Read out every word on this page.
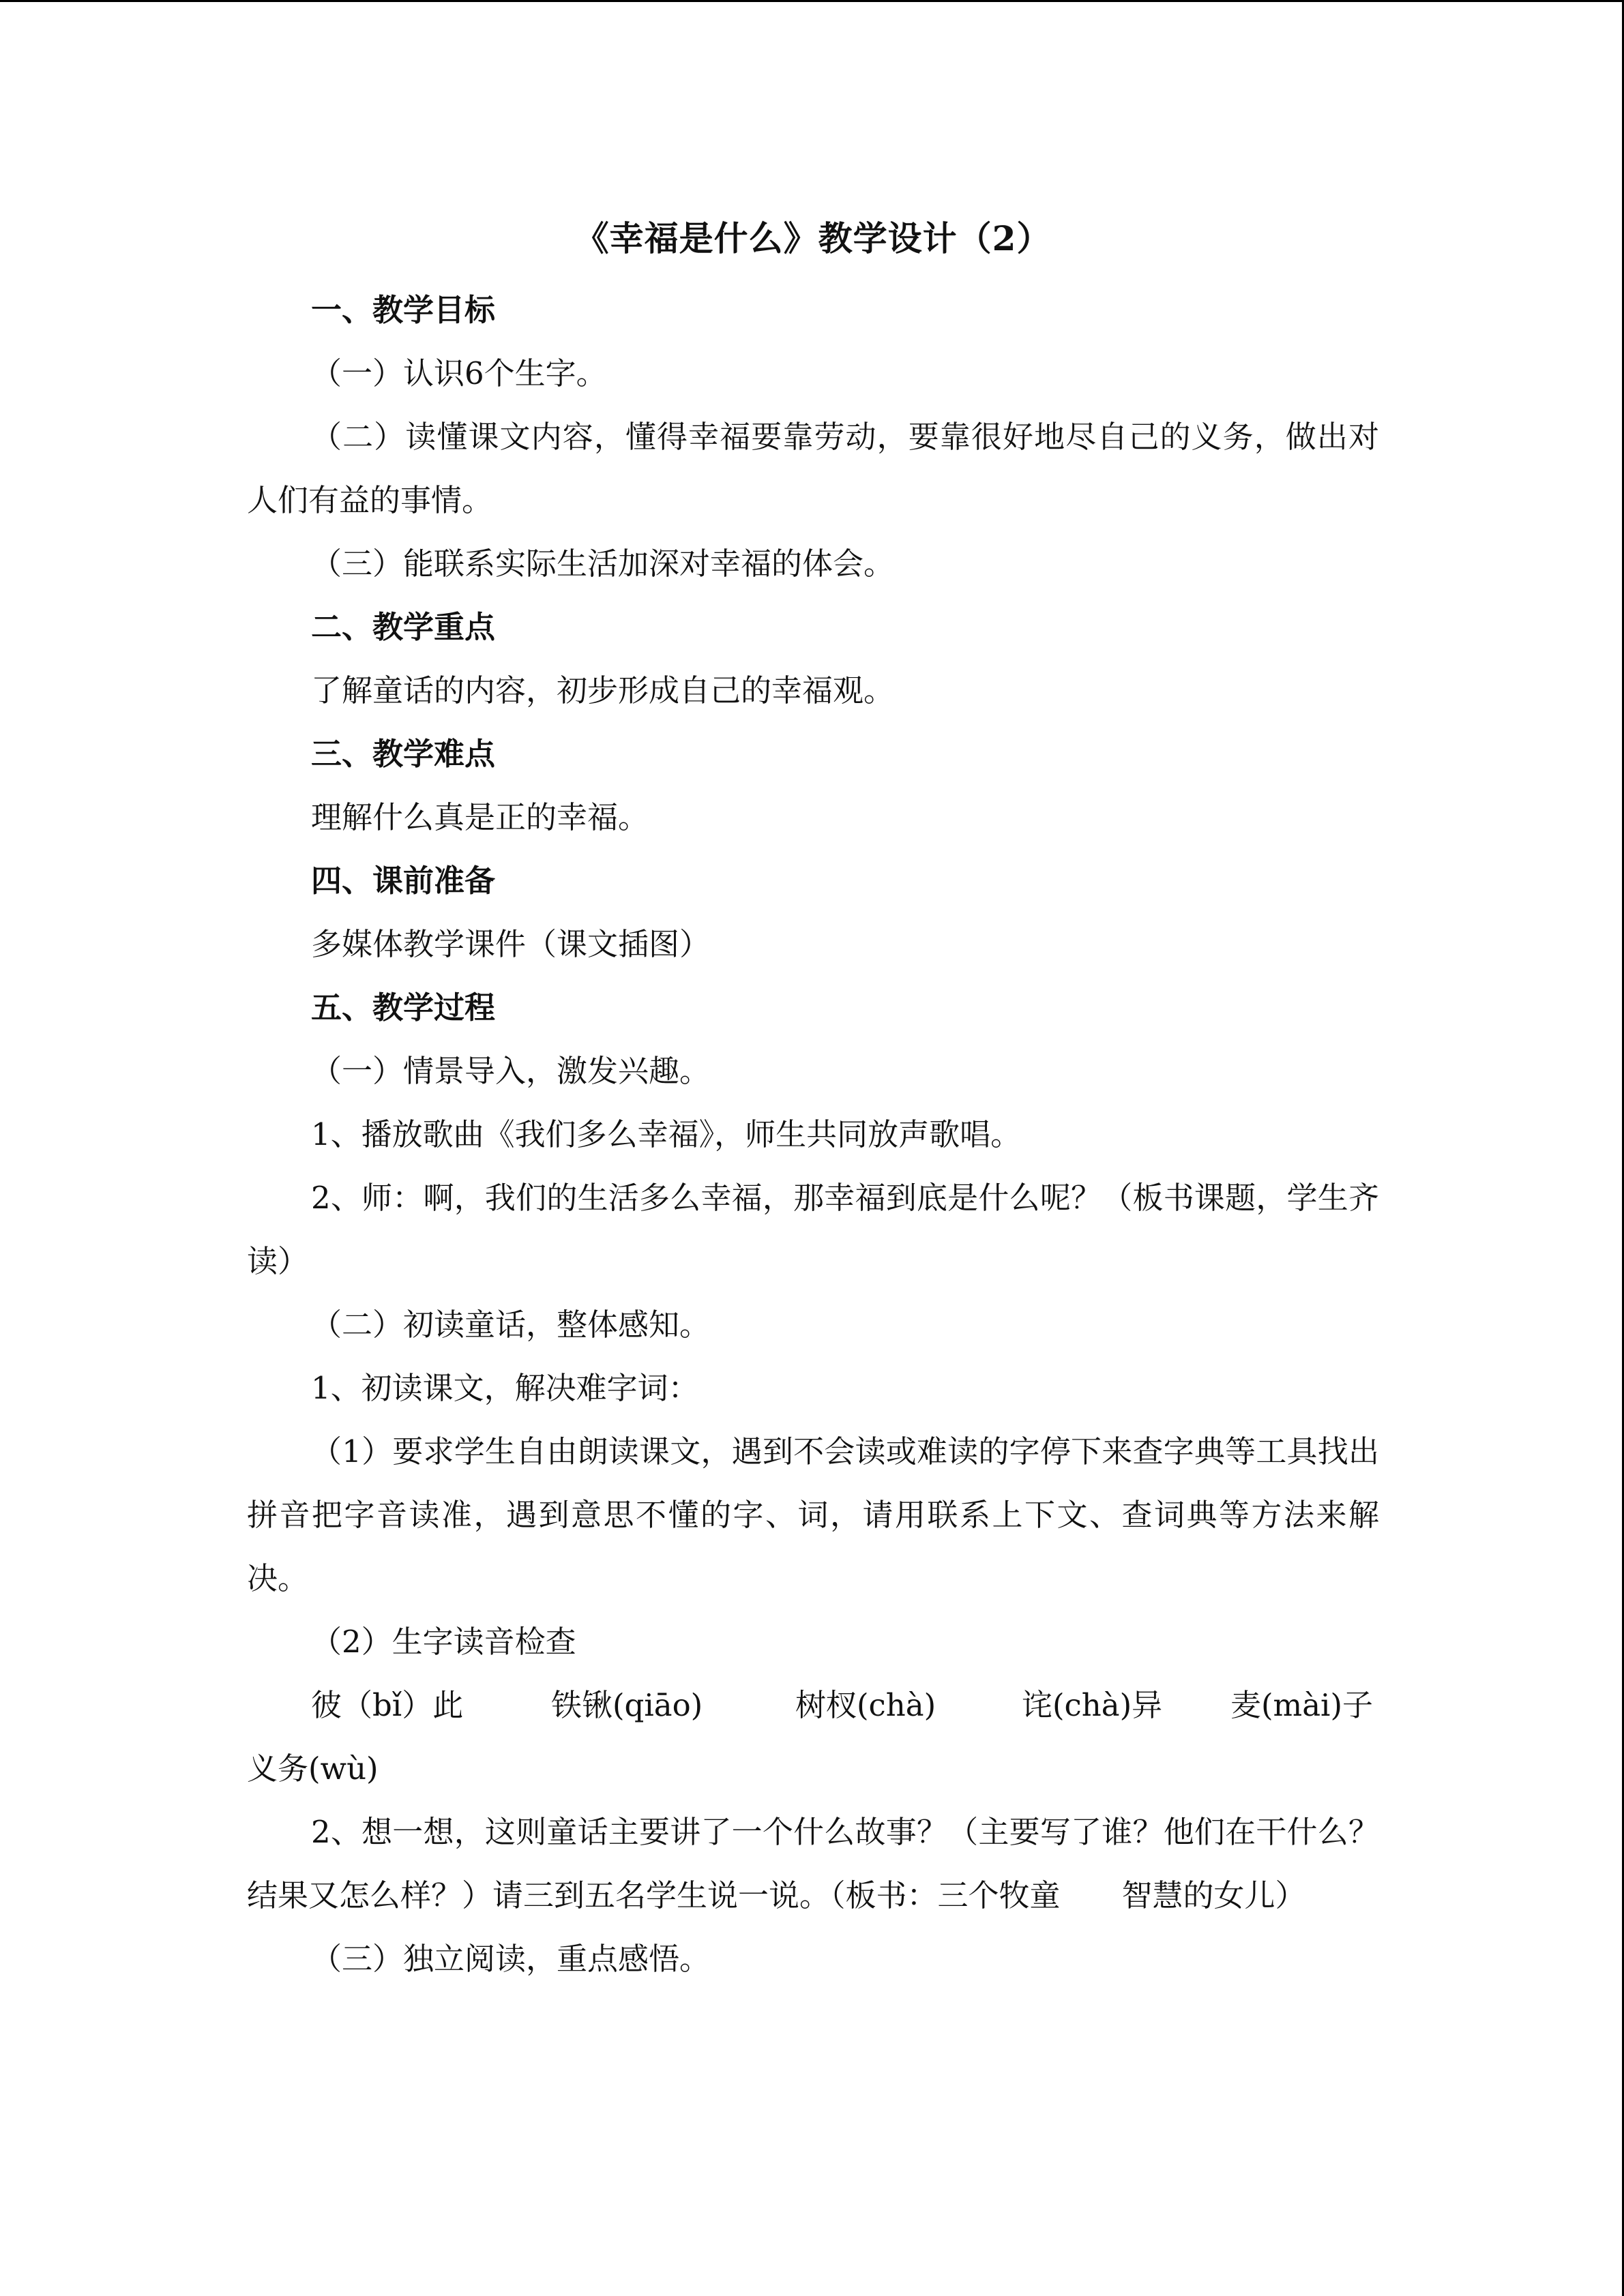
《幸福是什么》教学设计（2）

一、教学目标

（一）认识6个生字。

（二）读懂课文内容，懂得幸福要靠劳动，要靠很好地尽自己的义务，做出对人们有益的事情。

（三）能联系实际生活加深对幸福的体会。

二、教学重点

了解童话的内容，初步形成自己的幸福观。

三、教学难点

理解什么真是正的幸福。

四、课前准备

多媒体教学课件（课文插图）

五、教学过程

（一）情景导入，激发兴趣。

1、播放歌曲《我们多么幸福》，师生共同放声歌唱。

2、师：啊，我们的生活多么幸福，那幸福到底是什么呢？（板书课题，学生齐读）

（二）初读童话，整体感知。

1、初读课文，解决难字词：

（1）要求学生自由朗读课文，遇到不会读或难读的字停下来查字典等工具找出拼音把字音读准，遇到意思不懂的字、词，请用联系上下文、查词典等方法来解决。

（2）生字读音检查

彼（bǐ）此	铁锹(qiāo)	树杈(chà)	诧(chà)异	麦(mài)子

义务(wù)

2、想一想，这则童话主要讲了一个什么故事？（主要写了谁？他们在干什么？结果又怎么样？）请三到五名学生说一说。（板书：三个牧童　　智慧的女儿）

（三）独立阅读，重点感悟。
